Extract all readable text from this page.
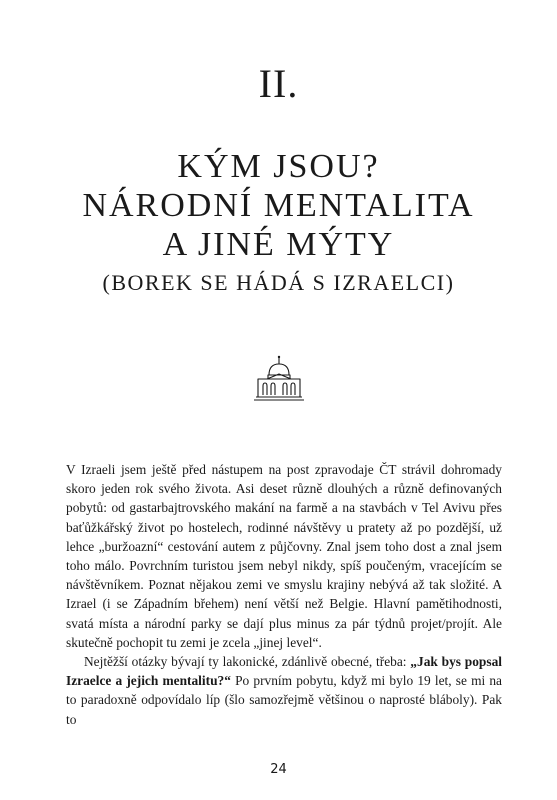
II.
KÝM JSOU?
NÁRODNÍ MENTALITA
A JINÉ MÝTY
(BOREK SE HÁDÁ S IZRAELCI)

V Izraeli jsem ještě před nástupem na post zpravodaje ČT strávil dohromady skoro jeden rok svého života. Asi deset různě dlouhých a různě definovaných pobytů: od gastarbajtrovského makání na farmě a na stavbách v Tel Avivu přes baťůžkářský život po hostelech, rodinné návštěvy u pratety až po pozdější, už lehce „buržoazní“ cestování autem z půjčovny. Znal jsem toho dost a znal jsem toho málo. Povrchním turistou jsem nebyl nikdy, spíš poučeným, vracejícím se návštěvníkem. Poznat nějakou zemi ve smyslu krajiny nebývá až tak složité. A Izrael (i se Západním břehem) není větší než Belgie. Hlavní pamětihodnosti, svatá místa a národní parky se dají plus minus za pár týdnů projet/projít. Ale skutečně pochopit tu zemi je zcela „jinej level“.

Nejtěžší otázky bývají ty lakonické, zdánlivě obecné, třeba: „Jak bys popsal Izraelce a jejich mentalitu?“ Po prvním pobytu, když mi bylo 19 let, se mi na to paradoxně odpovídalo líp (šlo samozřejmě většinou o naprosté bláboly). Pak to

24
